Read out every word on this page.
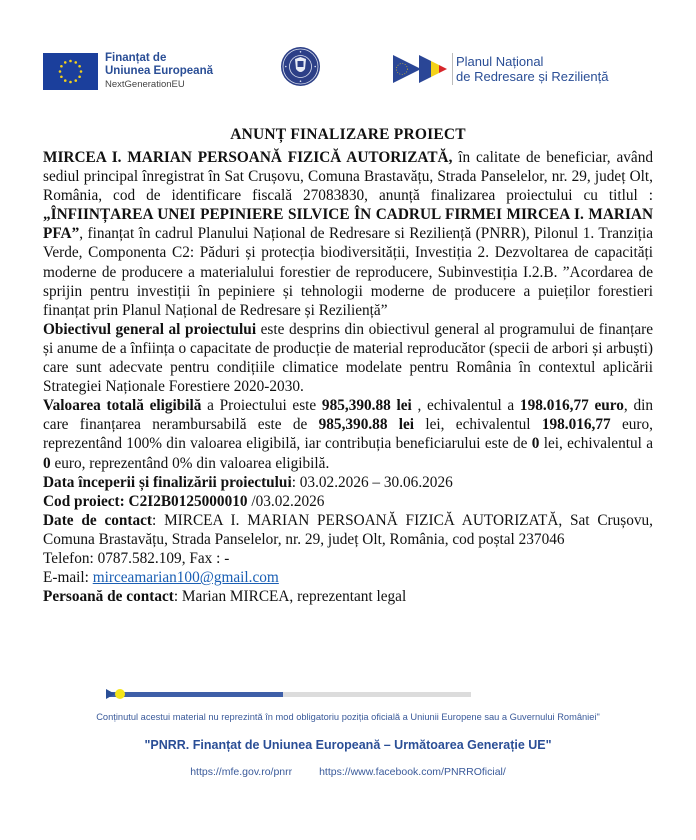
Finanțat de
Uniunea Europeană
NextGenerationEU
Planul Național
de Redresare și Reziliență
ANUNȚ FINALIZARE PROIECT

MIRCEA I. MARIAN PERSOANĂ FIZICĂ AUTORIZATĂ, în calitate de beneficiar, având sediul principal înregistrat în Sat Crușovu, Comuna Brastavățu, Strada Panselelor, nr. 29, județ Olt, România, cod de identificare fiscală 27083830, anunță finalizarea proiectului cu titlul : „ÎNFIINȚAREA UNEI PEPINIERE SILVICE ÎN CADRUL FIRMEI MIRCEA I. MARIAN PFA”, finanțat în cadrul Planului Național de Redresare si Reziliență (PNRR), Pilonul 1. Tranziția Verde, Componenta C2: Păduri și protecția biodiversității, Investiția 2. Dezvoltarea de capacități moderne de producere a materialului forestier de reproducere, Subinvestiția I.2.B. ”Acordarea de sprijin pentru investiții în pepiniere și tehnologii moderne de producere a puieților forestieri finanțat prin Planul Național de Redresare și Reziliență”

Obiectivul general al proiectului este desprins din obiectivul general al programului de finanțare și anume de a înființa o capacitate de producție de material reproducător (specii de arbori și arbuști) care sunt adecvate pentru condițiile climatice modelate pentru România în contextul aplicării Strategiei Naționale Forestiere 2020-2030.

Valoarea totală eligibilă a Proiectului este 985,390.88 lei , echivalentul a 198.016,77 euro, din care finanțarea nerambursabilă este de 985,390.88 lei lei, echivalentul 198.016,77 euro, reprezentând 100% din valoarea eligibilă, iar contribuția beneficiarului este de 0 lei, echivalentul a 0 euro, reprezentând 0% din valoarea eligibilă.

Data începerii și finalizării proiectului: 03.02.2026 – 30.06.2026

Cod proiect: C2I2B0125000010 /03.02.2026

Date de contact: MIRCEA I. MARIAN PERSOANĂ FIZICĂ AUTORIZATĂ, Sat Crușovu, Comuna Brastavățu, Strada Panselelor, nr. 29, județ Olt, România, cod poștal 237046

Telefon: 0787.582.109, Fax : -

E-mail: mirceamarian100@gmail.com

Persoană de contact: Marian MIRCEA, reprezentant legal

Conținutul acestui material nu reprezintă în mod obligatoriu poziția oficială a Uniunii Europene sau a Guvernului României"
"PNRR. Finanțat de Uniunea Europeană – Următoarea Generație UE"
https://mfe.gov.ro/pnrr	https://www.facebook.com/PNRROficial/
